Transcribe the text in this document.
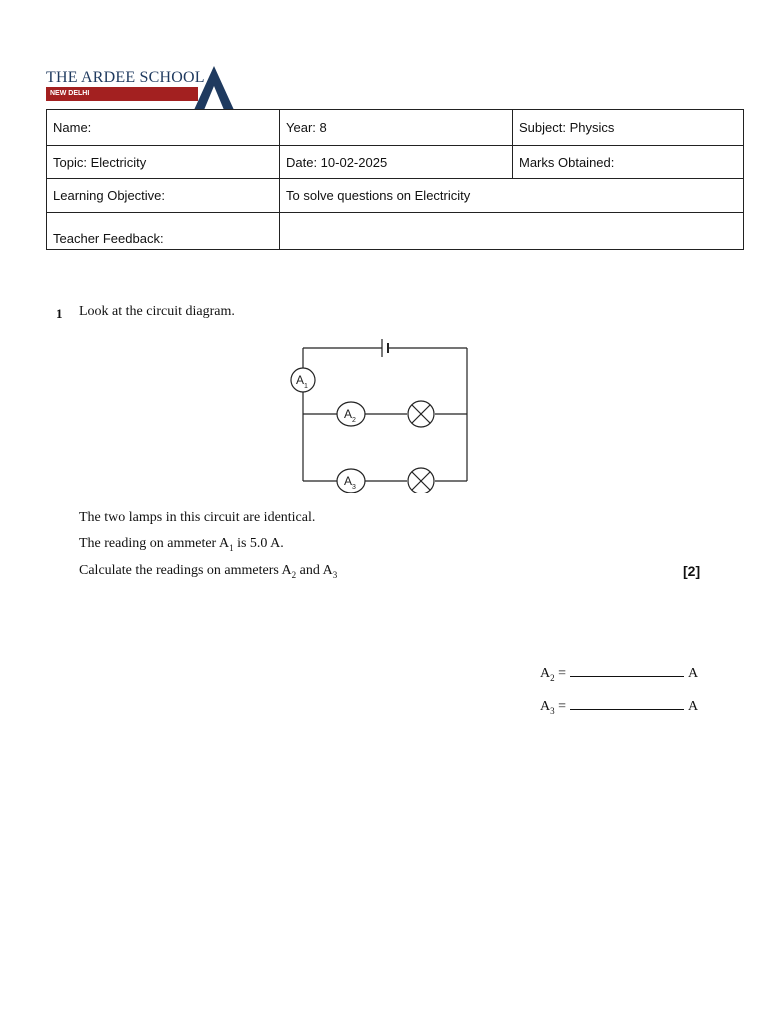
THE ARDEE SCHOOL
NEW DELHI
Name:	Year: 8	Subject: Physics
Topic: Electricity	Date: 10-02-2025	Marks Obtained:
Learning Objective:	To solve questions on Electricity	
Teacher Feedback:		
1 Look at the circuit diagram.
$A_1$
$A_2$
$A_3$
The two lamps in this circuit are identical.
The reading on ammeter $A_1$ is 5.0 A.
Calculate the readings on ammeters $A_2$ and $A_3$	[2]
$A_2$ =	A
$A_3$ =	A
